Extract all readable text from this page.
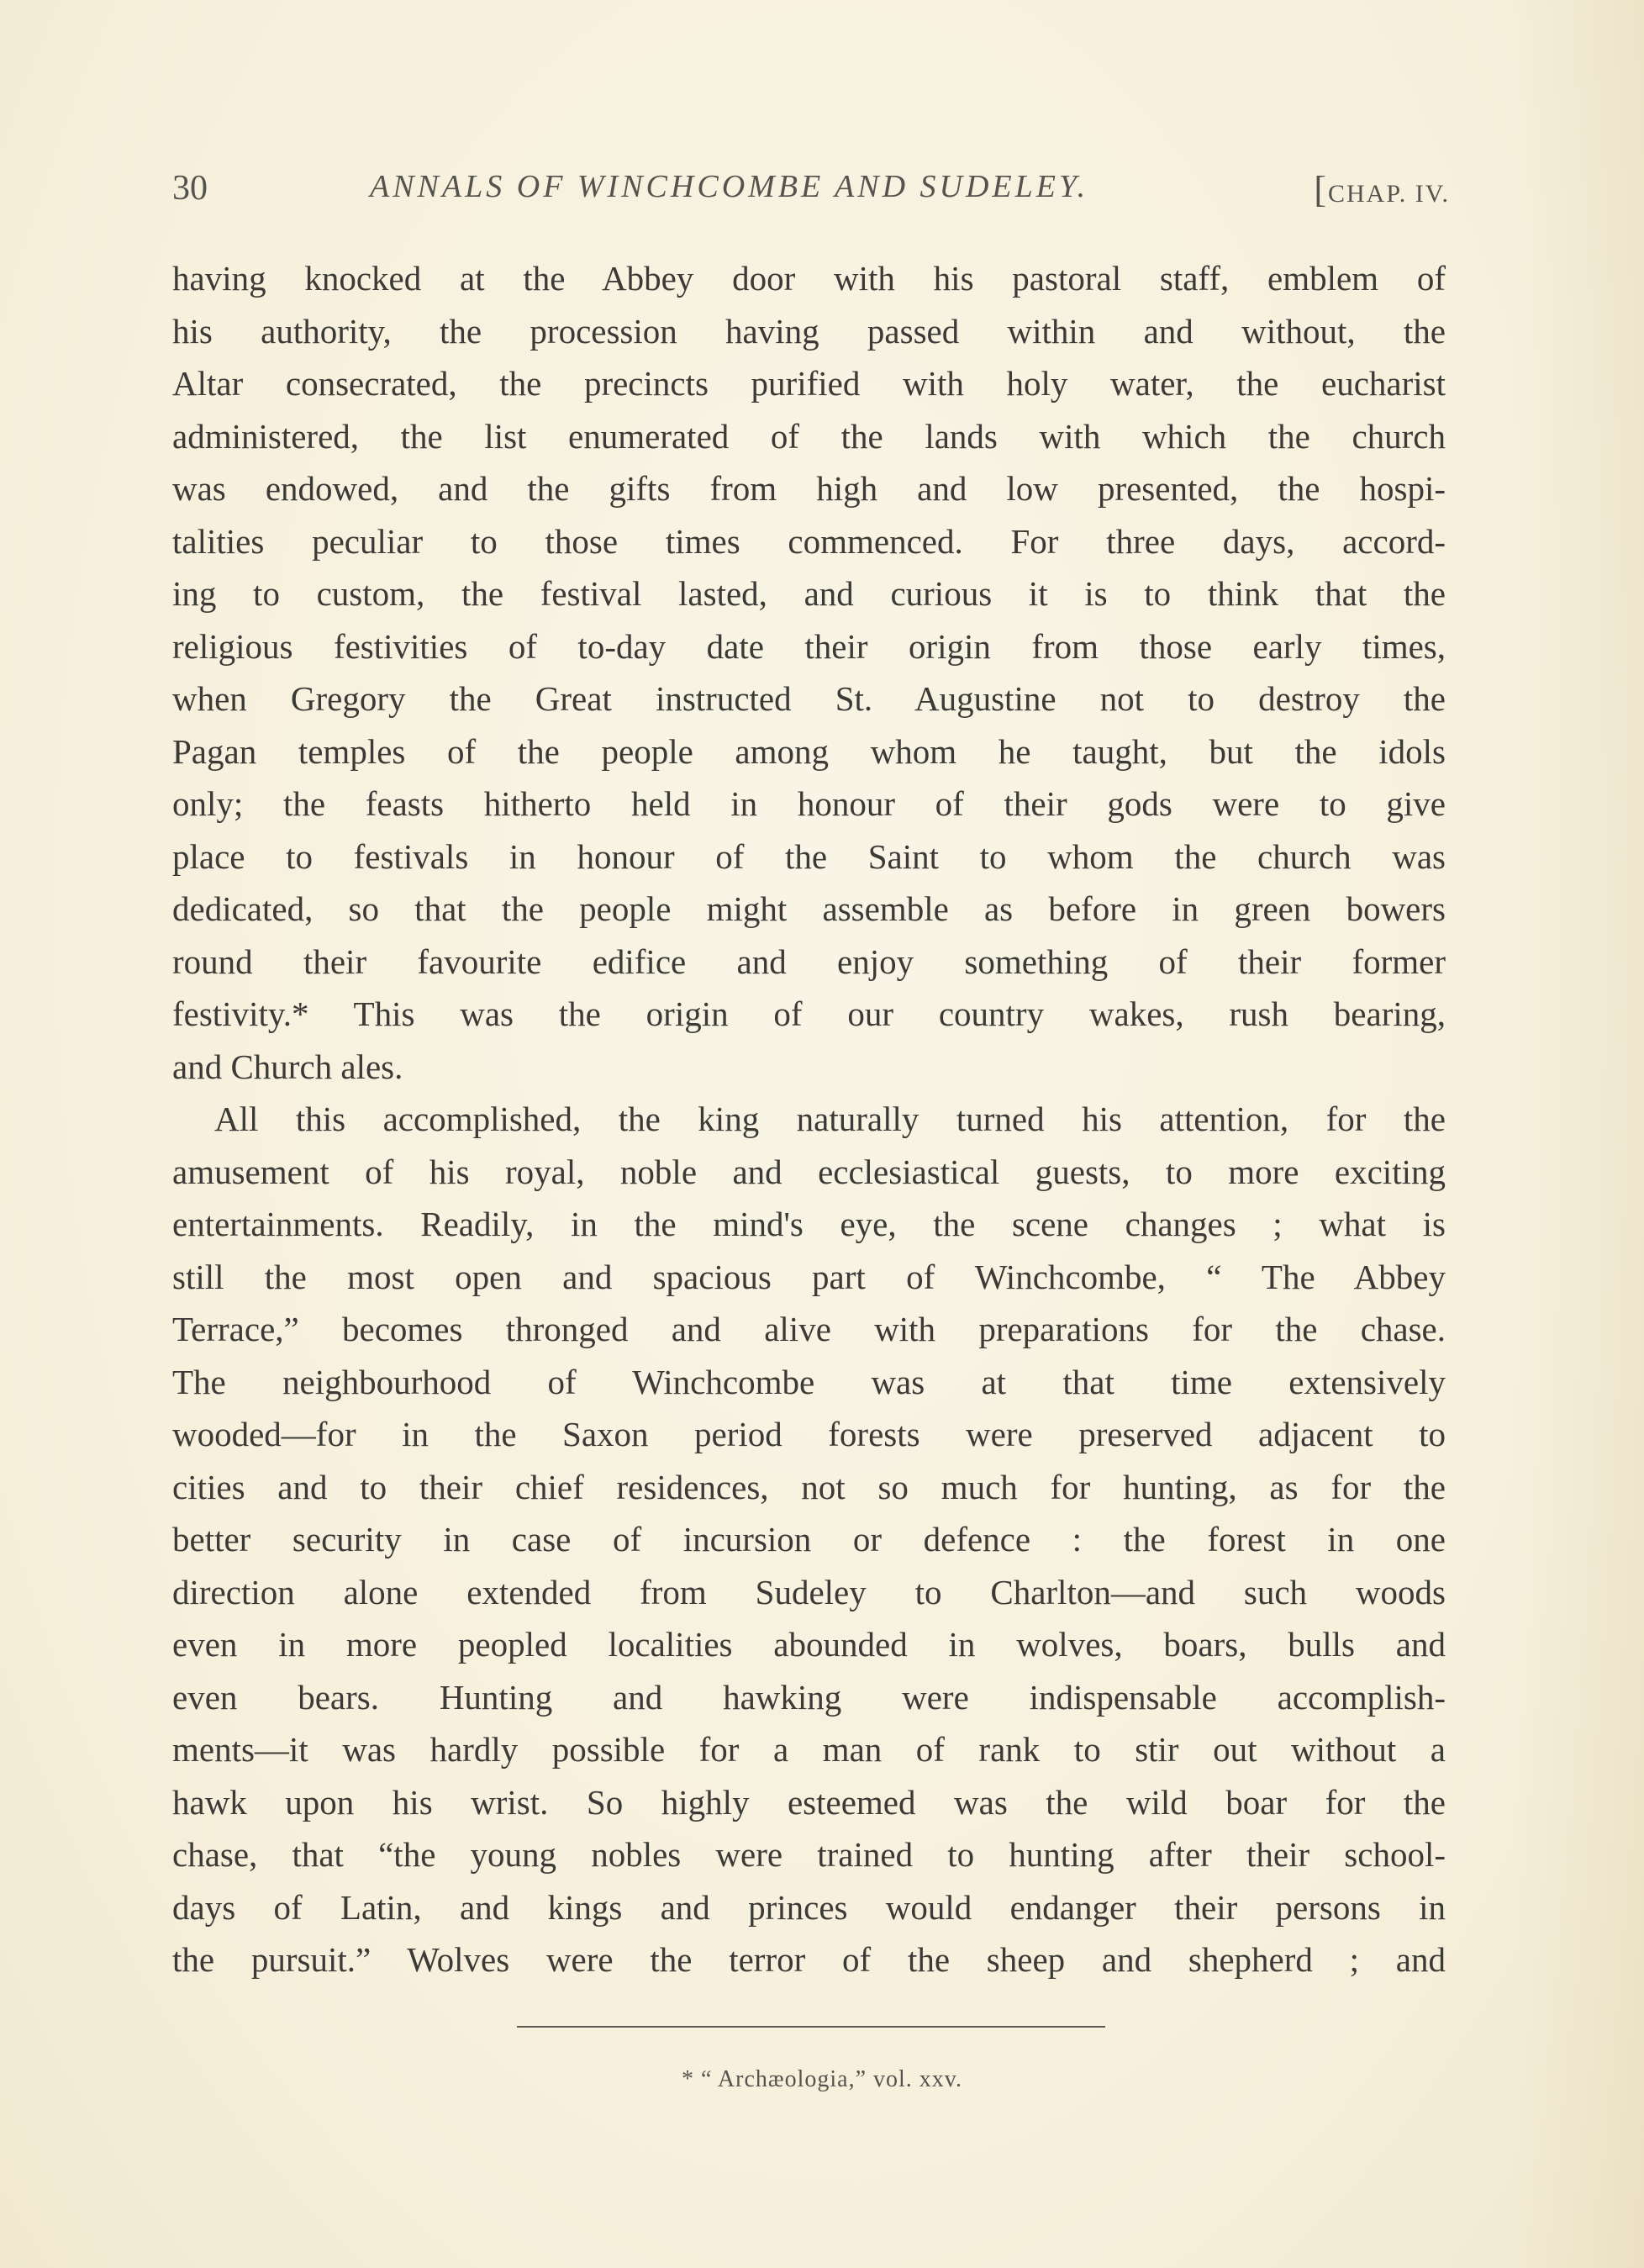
30	ANNALS OF WINCHCOMBE AND SUDELEY.	[CHAP. IV.
having knocked at the Abbey door with his pastoral staff, emblem of
his authority, the procession having passed within and without, the
Altar consecrated, the precincts purified with holy water, the eucharist
administered, the list enumerated of the lands with which the church
was endowed, and the gifts from high and low presented, the hospi-
talities peculiar to those times commenced. For three days, accord-
ing to custom, the festival lasted, and curious it is to think that the
religious festivities of to-day date their origin from those early times,
when Gregory the Great instructed St. Augustine not to destroy the
Pagan temples of the people among whom he taught, but the idols
only; the feasts hitherto held in honour of their gods were to give
place to festivals in honour of the Saint to whom the church was
dedicated, so that the people might assemble as before in green bowers
round their favourite edifice and enjoy something of their former
festivity.* This was the origin of our country wakes, rush bearing,
and Church ales.
All this accomplished, the king naturally turned his attention, for the
amusement of his royal, noble and ecclesiastical guests, to more exciting
entertainments. Readily, in the mind's eye, the scene changes ; what is
still the most open and spacious part of Winchcombe, “ The Abbey
Terrace,” becomes thronged and alive with preparations for the chase.
The neighbourhood of Winchcombe was at that time extensively
wooded—for in the Saxon period forests were preserved adjacent to
cities and to their chief residences, not so much for hunting, as for the
better security in case of incursion or defence : the forest in one
direction alone extended from Sudeley to Charlton—and such woods
even in more peopled localities abounded in wolves, boars, bulls and
even bears. Hunting and hawking were indispensable accomplish-
ments—it was hardly possible for a man of rank to stir out without a
hawk upon his wrist. So highly esteemed was the wild boar for the
chase, that “the young nobles were trained to hunting after their school-
days of Latin, and kings and princes would endanger their persons in
the pursuit.” Wolves were the terror of the sheep and shepherd ; and
* “ Archæologia,” vol. xxv.
